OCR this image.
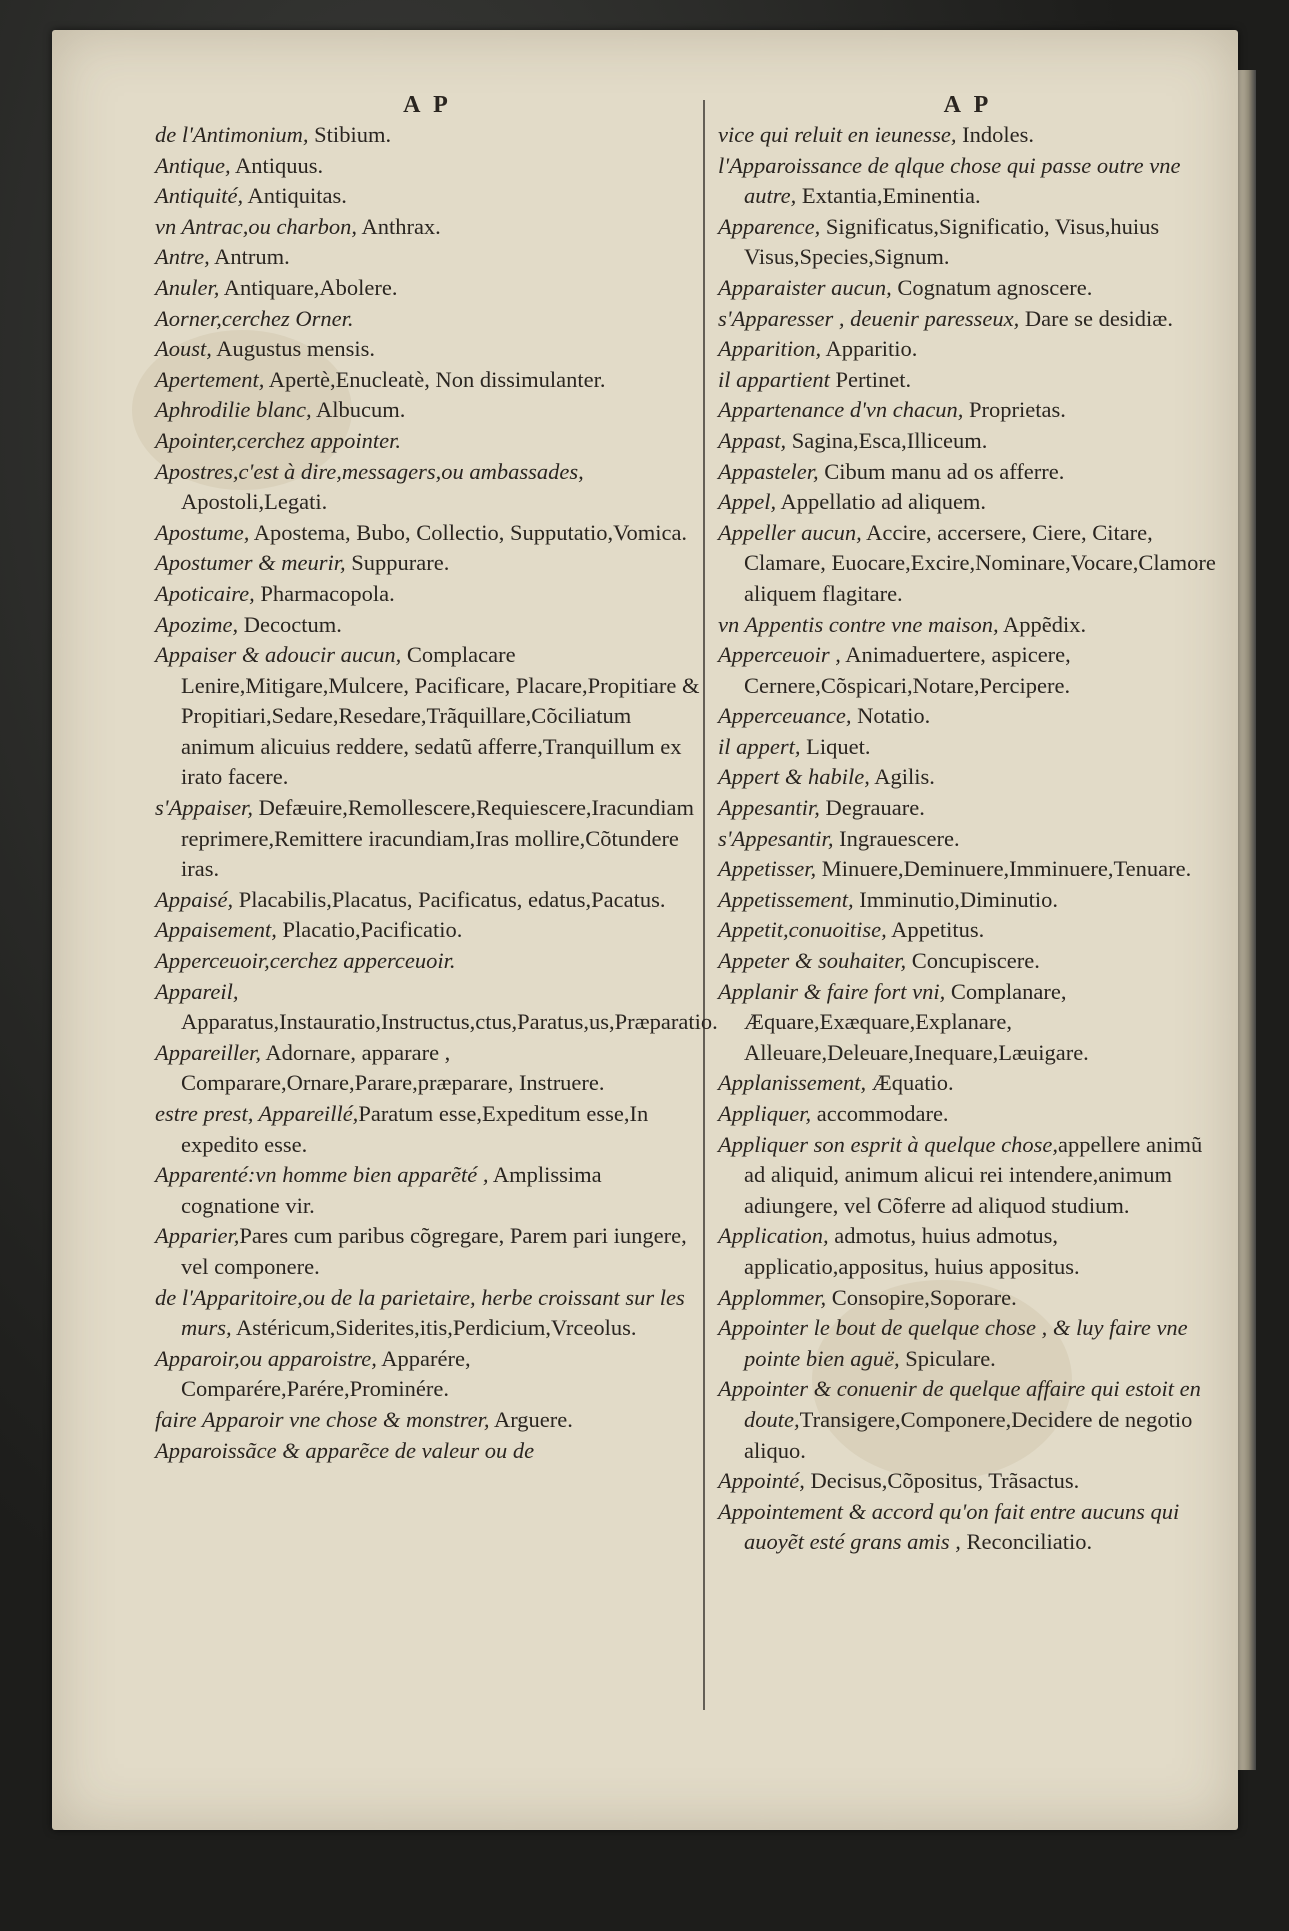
A P

de l'Antimonium, Stibium.

Antique, Antiquus.

Antiquité, Antiquitas.

vn Antrac,ou charbon, Anthrax.

Antre, Antrum.

Anuler, Antiquare,Abolere.

Aorner,cerchez Orner.

Aoust, Augustus mensis.

Apertement, Apertè,Enucleatè, Non dissimulanter.

Aphrodilie blanc, Albucum.

Apointer,cerchez appointer.

Apostres,c'est à dire,messagers,ou ambassades, Apostoli,Legati.

Apostume, Apostema, Bubo, Collectio, Supputatio,Vomica.

Apostumer & meurir, Suppurare.

Apoticaire, Pharmacopola.

Apozime, Decoctum.

Appaiser & adoucir aucun, Complacare Lenire,Mitigare,Mulcere, Pacificare, Placare,Propitiare & Propitiari,Sedare,Resedare,Trãquillare,Cõciliatum animum alicuius reddere, sedatũ afferre,Tranquillum ex irato facere.

s'Appaiser, Defæuire,Remollescere,Requiescere,Iracundiam reprimere,Remittere iracundiam,Iras mollire,Cõtundere iras.

Appaisé, Placabilis,Placatus, Pacificatus, edatus,Pacatus.

Appaisement, Placatio,Pacificatio.

Apperceuoir,cerchez apperceuoir.

Appareil, Apparatus,Instauratio,Instructus,ctus,Paratus,us,Præparatio.

Appareiller, Adornare, apparare , Comparare,Ornare,Parare,præparare, Instruere.

estre prest, Appareillé,Paratum esse,Expeditum esse,In expedito esse.

Apparenté:vn homme bien apparẽté , Amplissima cognatione vir.

Apparier,Pares cum paribus cõgregare, Parem pari iungere, vel componere.

de l'Apparitoire,ou de la parietaire, herbe croissant sur les murs, Astéricum,Siderites,itis,Perdicium,Vrceolus.

Apparoir,ou apparoistre, Apparére, Comparére,Parére,Prominére.

faire Apparoir vne chose & monstrer, Arguere.

Apparoissãce & apparẽce de valeur ou de

A P

vice qui reluit en ieunesse, Indoles.

l'Apparoissance de qlque chose qui passe outre vne autre, Extantia,Eminentia.

Apparence, Significatus,Significatio, Visus,huius Visus,Species,Signum.

Apparaister aucun, Cognatum agnoscere.

s'Apparesser , deuenir paresseux, Dare se desidiæ.

Apparition, Apparitio.

il appartient Pertinet.

Appartenance d'vn chacun, Proprietas.

Appast, Sagina,Esca,Illiceum.

Appasteler, Cibum manu ad os afferre.

Appel, Appellatio ad aliquem.

Appeller aucun, Accire, accersere, Ciere, Citare, Clamare, Euocare,Excire,Nominare,Vocare,Clamore aliquem flagitare.

vn Appentis contre vne maison, Appẽdix.

Apperceuoir , Animaduertere, aspicere, Cernere,Cõspicari,Notare,Percipere.

Apperceuance, Notatio.

il appert, Liquet.

Appert & habile, Agilis.

Appesantir, Degrauare.

s'Appesantir, Ingrauescere.

Appetisser, Minuere,Deminuere,Imminuere,Tenuare.

Appetissement, Imminutio,Diminutio.

Appetit,conuoitise, Appetitus.

Appeter & souhaiter, Concupiscere.

Applanir & faire fort vni, Complanare, Æquare,Exæquare,Explanare, Alleuare,Deleuare,Inequare,Læuigare.

Applanissement, Æquatio.

Appliquer, accommodare.

Appliquer son esprit à quelque chose,appellere animũ ad aliquid, animum alicui rei intendere,animum adiungere, vel Cõferre ad aliquod studium.

Application, admotus, huius admotus, applicatio,appositus, huius appositus.

Applommer, Consopire,Soporare.

Appointer le bout de quelque chose , & luy faire vne pointe bien aguë, Spiculare.

Appointer & conuenir de quelque affaire qui estoit en doute,Transigere,Componere,Decidere de negotio aliquo.

Appointé, Decisus,Cõpositus, Trãsactus.

Appointement & accord qu'on fait entre aucuns qui auoyẽt esté grans amis , Reconciliatio.
